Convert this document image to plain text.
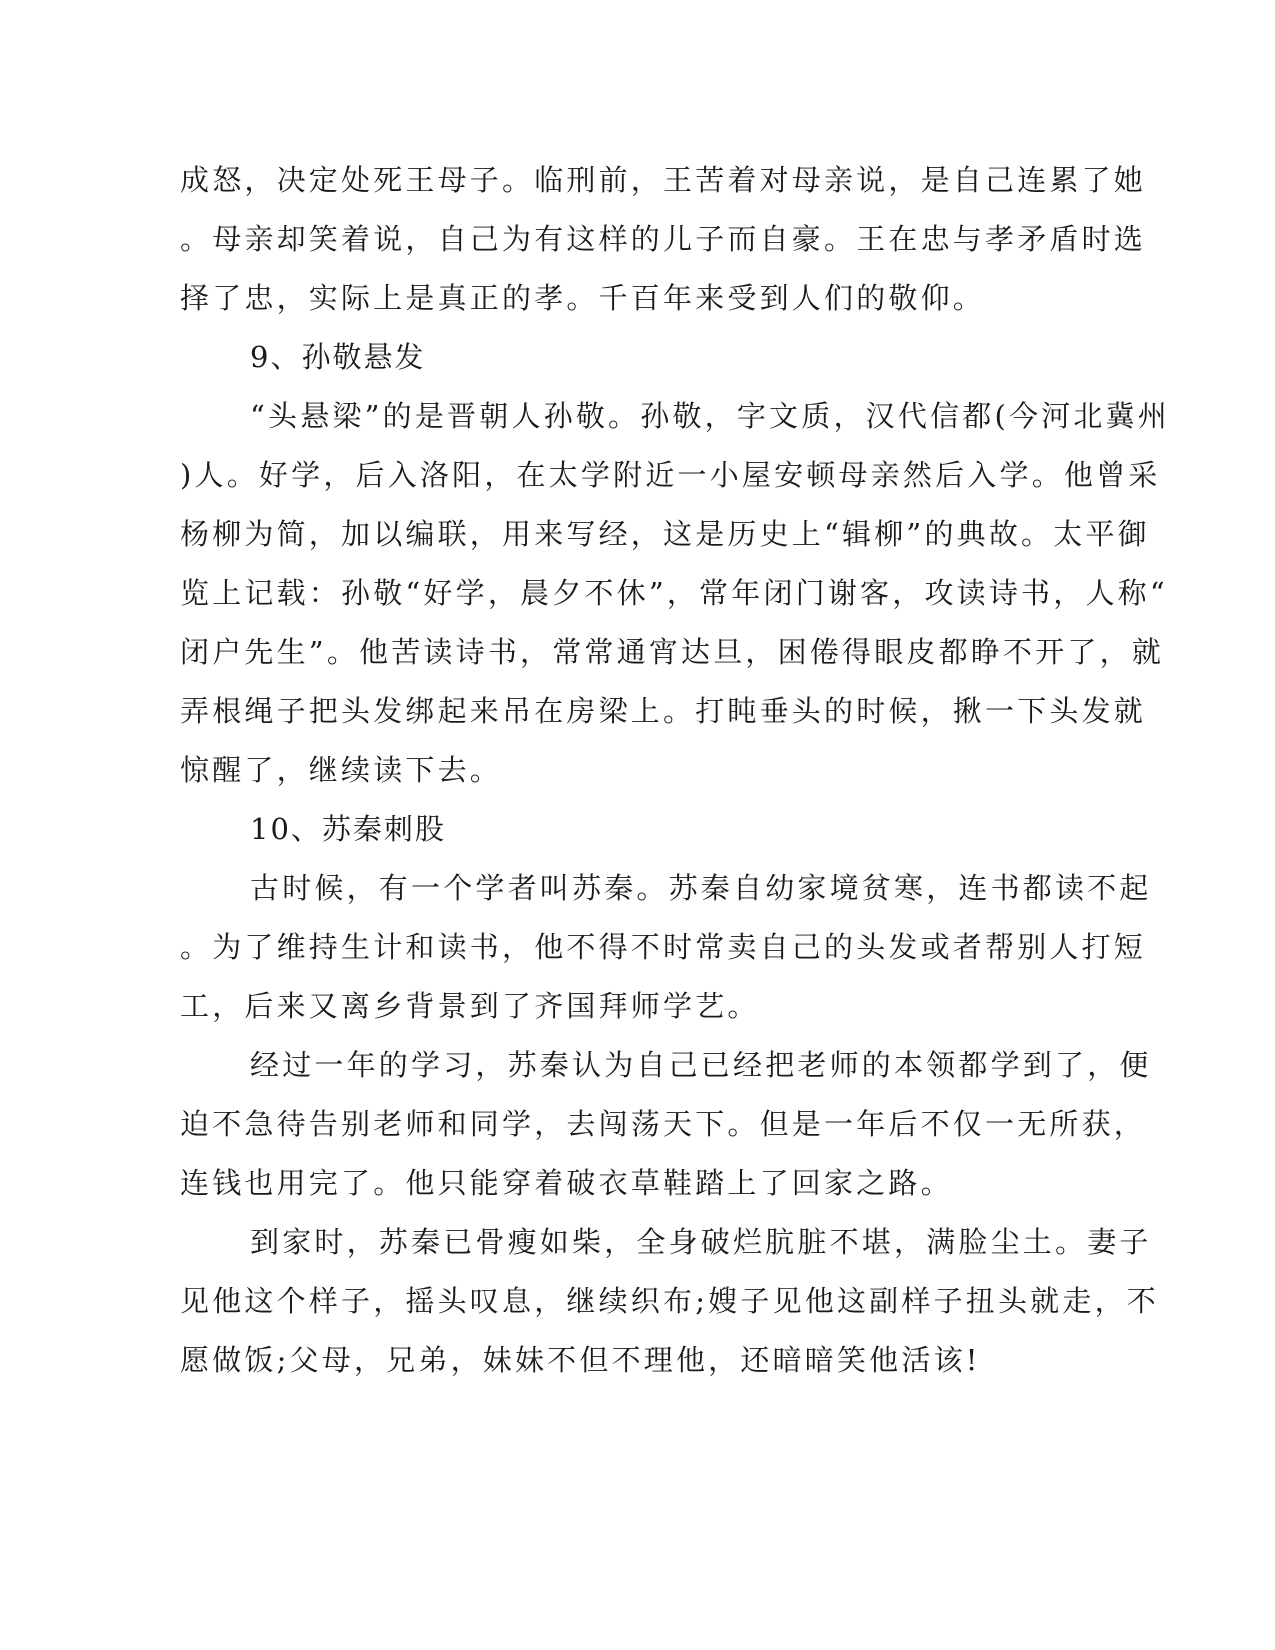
成怒，决定处死王母子。临刑前，王苦着对母亲说，是自己连累了她
。母亲却笑着说，自己为有这样的儿子而自豪。王在忠与孝矛盾时选
择了忠，实际上是真正的孝。千百年来受到人们的敬仰。
9、孙敬悬发
“头悬梁”的是晋朝人孙敬。孙敬，字文质，汉代信都(今河北冀州
)人。好学，后入洛阳，在太学附近一小屋安顿母亲然后入学。他曾采
杨柳为简，加以编联，用来写经，这是历史上“辑柳”的典故。太平御
览上记载：孙敬“好学，晨夕不休”，常年闭门谢客，攻读诗书，人称“
闭户先生”。他苦读诗书，常常通宵达旦，困倦得眼皮都睁不开了，就
弄根绳子把头发绑起来吊在房梁上。打盹垂头的时候，揪一下头发就
惊醒了，继续读下去。
10、苏秦刺股
古时候，有一个学者叫苏秦。苏秦自幼家境贫寒，连书都读不起
。为了维持生计和读书，他不得不时常卖自己的头发或者帮别人打短
工，后来又离乡背景到了齐国拜师学艺。
经过一年的学习，苏秦认为自己已经把老师的本领都学到了，便
迫不急待告别老师和同学，去闯荡天下。但是一年后不仅一无所获，
连钱也用完了。他只能穿着破衣草鞋踏上了回家之路。
到家时，苏秦已骨瘦如柴，全身破烂肮脏不堪，满脸尘土。妻子
见他这个样子，摇头叹息，继续织布;嫂子见他这副样子扭头就走，不
愿做饭;父母，兄弟，妹妹不但不理他，还暗暗笑他活该!
